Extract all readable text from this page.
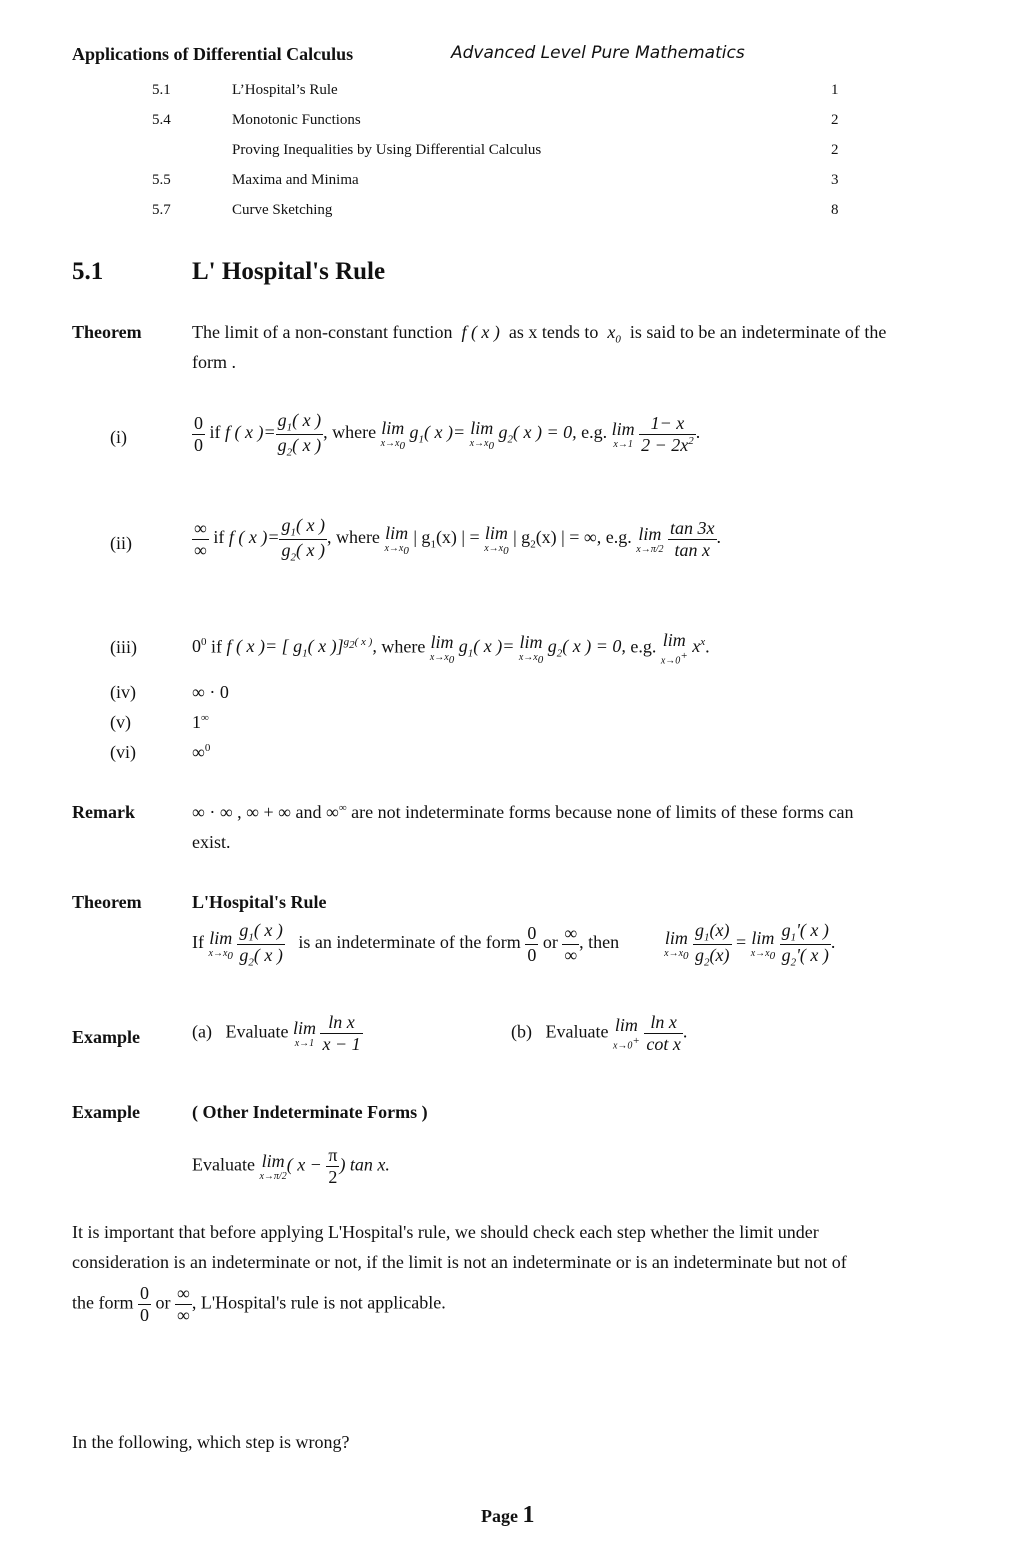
Applications of Differential Calculus	Advanced Level Pure Mathematics
5.1	L’Hospital’s Rule	1
5.4	Monotonic Functions	2
Proving Inequalities by Using Differential Calculus	2
5.5	Maxima and Minima	3
5.7	Curve Sketching	8
5.1	L' Hospital's Rule
Theorem	The limit of a non-constant function  f ( x )  as x tends to  $x_0$ is said to be an indeterminate of the
form .
(i)	$\frac{0}{0}$ if f ( x )= $\frac{g_1( x )}{g_2( x )}$ , where lim
$x\to x_0$
$g_1$( x )= lim
$x\to x_0$
$g_2$( x ) = 0, e.g. lim
x→1
$\frac{1- x}{2 - 2x^2}$ .
(ii)	$\frac{\infty}{\infty}$ if f ( x )= $\frac{g_1( x )}{g_2( x )}$ , where lim
$x\to x_0$
| $g_1(x)$ | = lim
$x\to x_0$
| $g_2(x)$ | = ∞, e.g. lim
x→π/2
$\frac{\tan 3x}{\text{tan x}}$ .
(iii)	$0^0$ if f ( x )= [ $g_1$( x )]$^{g_2( x )}$, where lim
$x\to x_0$
$g_1$( x )= lim
$x\to x_0$
$g_2$( x ) = 0, e.g. lim
x→0+ $x^x$.
(iv)	∞ · 0
(v)	1∞
(vi)	∞$^0$
Remark	∞ · ∞ , ∞ + ∞ and ∞∞ are not indeterminate forms because none of limits of these forms can
exist.
Theorem	L'Hospital's Rule
If lim
$x\to x_0$
$\frac{g_1( x )}{g_2( x )}$ is an indeterminate of the form $\frac{0}{0}$ or $\frac{\infty}{\infty}$ , then	lim
$x\to x_0$
$\frac{g_1(x)}{g_2(x)} = \lim$
$x\to x_0$
$\frac{g_1'( x )}{g_2'( x )}$ .
Example	(a) Evaluate lim
x→1
$\frac{\text{ln x}}{x - 1}$	(b) Evaluate lim
x→0+
$\frac{\text{ln x}}{\text{cot x}}$ .
Example	( Other Indeterminate Forms )
Evaluate lim
x→π/2
( $x - \frac{\pi}{2}$ ) tan x.
It is important that before applying L'Hospital's rule, we should check each step whether the limit under
consideration is an indeterminate or not, if the limit is not an indeterminate or is an indeterminate but not of
the form $\frac{0}{0}$ or $\frac{\infty}{\infty}$ , L'Hospital's rule is not applicable.
In the following, which step is wrong?
Page 1
